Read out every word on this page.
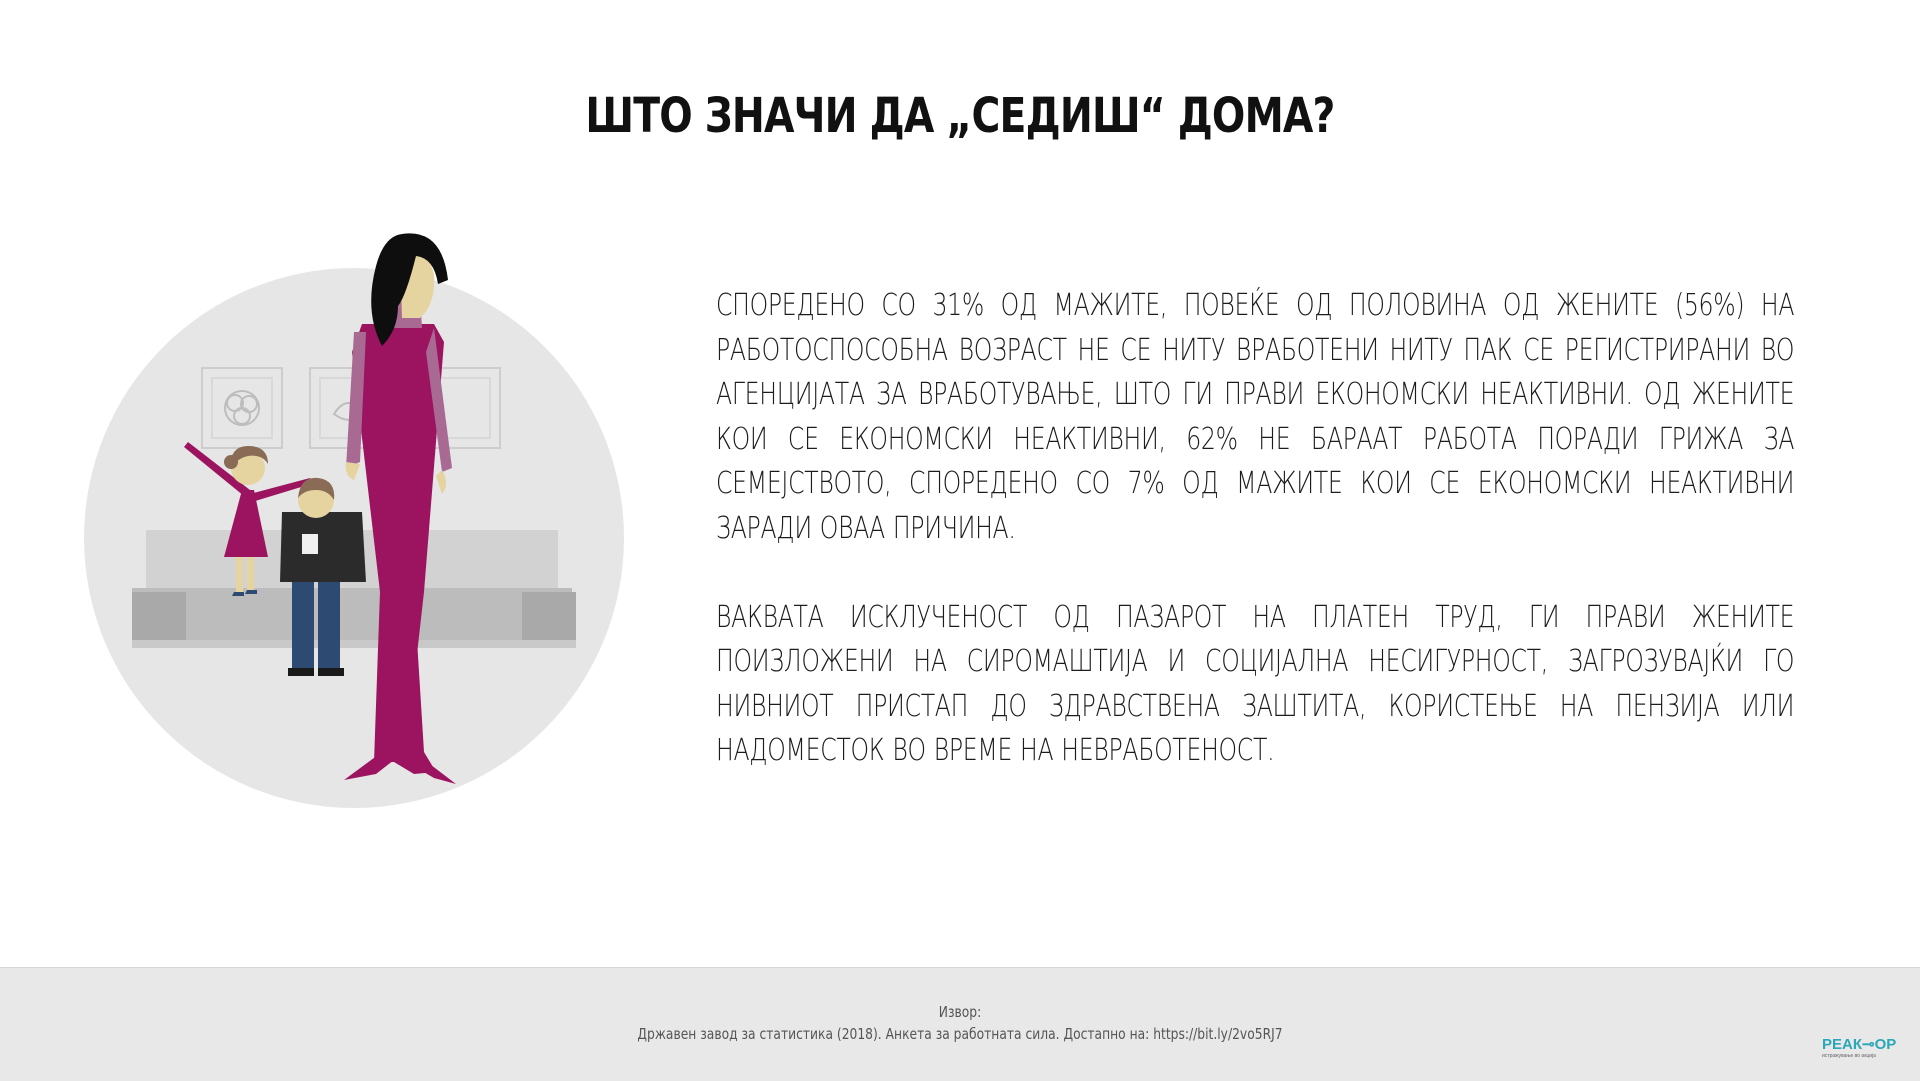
ШТО ЗНАЧИ ДА „СЕДИШ“ ДОМА?

СПОРЕДЕНО СО 31% ОД МАЖИТЕ, ПОВЕЌЕ ОД ПОЛОВИНА ОД ЖЕНИТЕ (56%) НА РАБОТОСПОСОБНА ВОЗРАСТ НЕ СЕ НИТУ ВРАБОТЕНИ НИТУ ПАК СЕ РЕГИСТРИРАНИ ВО АГЕНЦИЈАТА ЗА ВРАБОТУВАЊЕ, ШТО ГИ ПРАВИ ЕКОНОМСКИ НЕАКТИВНИ. ОД ЖЕНИТЕ КОИ СЕ ЕКОНОМСКИ НЕАКТИВНИ, 62% НЕ БАРААТ РАБОТА ПОРАДИ ГРИЖА ЗА СЕМЕЈСТВОТО, СПОРЕДЕНО СО 7% ОД МАЖИТЕ КОИ СЕ ЕКОНОМСКИ НЕАКТИВНИ ЗАРАДИ ОВАА ПРИЧИНА.

ВАКВАТА ИСКЛУЧЕНОСТ ОД ПАЗАРОТ НА ПЛАТЕН ТРУД, ГИ ПРАВИ ЖЕНИТЕ ПОИЗЛОЖЕНИ НА СИРОМАШТИЈА И СОЦИЈАЛНА НЕСИГУРНОСТ, ЗАГРОЗУВАЈЌИ ГО НИВНИОТ ПРИСТАП ДО ЗДРАВСТВЕНА ЗАШТИТА, КОРИСТЕЊЕ НА ПЕНЗИЈА ИЛИ НАДОМЕСТОК ВО ВРЕМЕ НА НЕВРАБОТЕНОСТ.

Извор:
Државен завод за статистика (2018). Анкета за работната сила. Достапно на: https://bit.ly/2vo5RJ7
РЕАК⊸ОР
истражување во акција
